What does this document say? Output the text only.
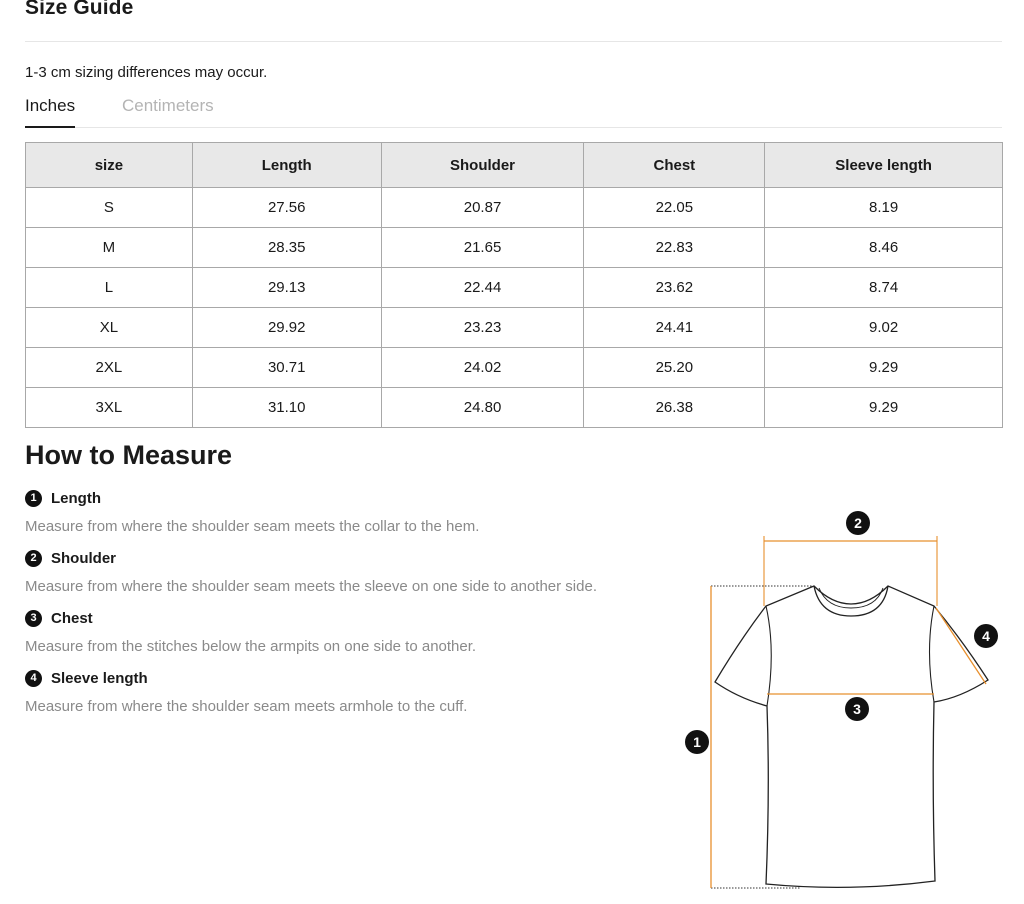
Size Guide
1-3 cm sizing differences may occur.
Inches	Centimeters
size	Length	Shoulder	Chest	Sleeve length
S	27.56	20.87	22.05	8.19
M	28.35	21.65	22.83	8.46
L	29.13	22.44	23.62	8.74
XL	29.92	23.23	24.41	9.02
2XL	30.71	24.02	25.20	9.29
3XL	31.10	24.80	26.38	9.29
How to Measure
1 Length
Measure from where the shoulder seam meets the collar to the hem.
2 Shoulder
Measure from where the shoulder seam meets the sleeve on one side to another side.
3 Chest
Measure from the stitches below the armpits on one side to another.
4 Sleeve length
Measure from where the shoulder seam meets armhole to the cuff.
1
2
3
4
